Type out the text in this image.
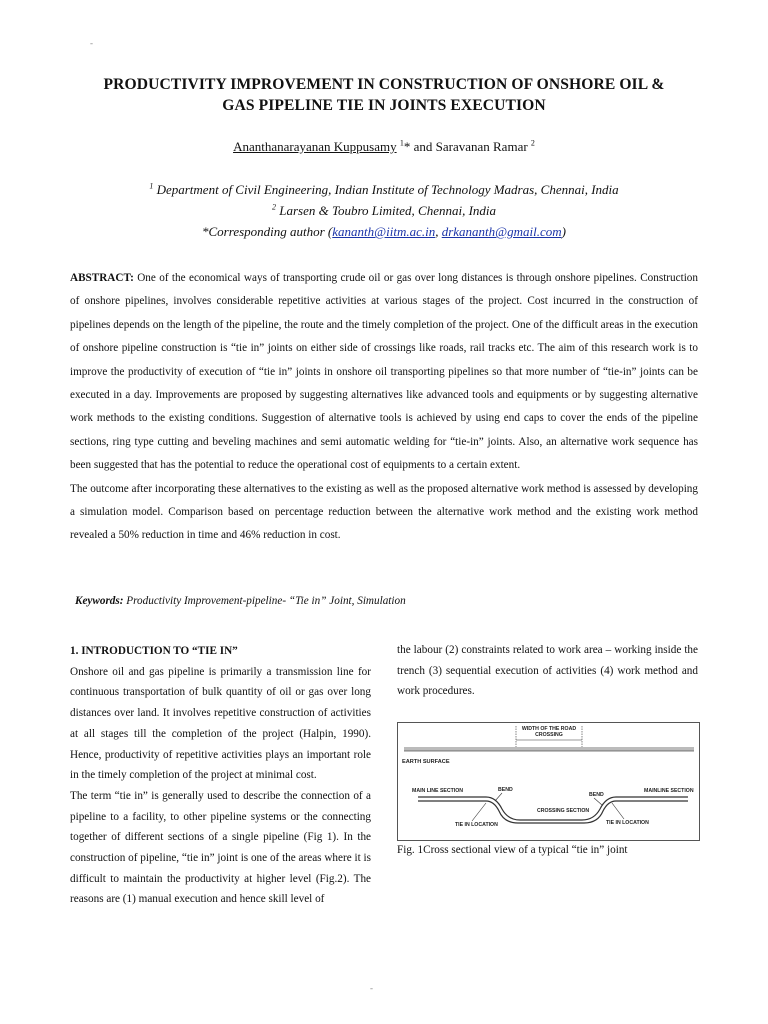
-
PRODUCTIVITY IMPROVEMENT IN CONSTRUCTION OF ONSHORE OIL &
GAS PIPELINE TIE IN JOINTS EXECUTION
Ananthanarayanan Kuppusamy $^1$* and Saravanan Ramar $^2$
$^1$ Department of Civil Engineering, Indian Institute of Technology Madras, Chennai, India
$^2$ Larsen & Toubro Limited, Chennai, India
*Corresponding author (kananth@iitm.ac.in, drkananth@gmail.com)

ABSTRACT: One of the economical ways of transporting crude oil or gas over long distances is through onshore pipelines. Construction of onshore pipelines, involves considerable repetitive activities at various stages of the project. Cost incurred in the construction of pipelines depends on the length of the pipeline, the route and the timely completion of the project. One of the difficult areas in the execution of onshore pipeline construction is “tie in” joints on either side of crossings like roads, rail tracks etc. The aim of this research work is to improve the productivity of execution of “tie in” joints in onshore oil transporting pipelines so that more number of “tie-in” joints can be executed in a day. Improvements are proposed by suggesting alternatives like advanced tools and equipments or by suggesting alternative work methods to the existing conditions. Suggestion of alternative tools is achieved by using end caps to cover the ends of the pipeline sections, ring type cutting and beveling machines and semi automatic welding for “tie-in” joints. Also, an alternative work sequence has been suggested that has the potential to reduce the operational cost of equipments to a certain extent.

The outcome after incorporating these alternatives to the existing as well as the proposed alternative work method is assessed by developing a simulation model. Comparison based on percentage reduction between the alternative work method and the existing work method revealed a 50% reduction in time and 46% reduction in cost.

Keywords: Productivity Improvement-pipeline- “Tie in” Joint, Simulation

1. INTRODUCTION TO “TIE IN”

Onshore oil and gas pipeline is primarily a transmission line for continuous transportation of bulk quantity of oil or gas over long distances over land. It involves repetitive construction of activities at all stages till the completion of the project (Halpin, 1990). Hence, productivity of repetitive activities plays an important role in the timely completion of the project at minimal cost.

The term “tie in” is generally used to describe the connection of a pipeline to a facility, to other pipeline systems or the connecting together of different sections of a single pipeline (Fig 1). In the construction of pipeline, “tie in” joint is one of the areas where it is difficult to maintain the productivity at higher level (Fig.2). The reasons are (1) manual execution and hence skill level of

the labour (2) constraints related to work area – working inside the trench (3) sequential execution of activities (4) work method and work procedures.

WIDTH OF THE ROAD
CROSSING
EARTH SURFACE
MAIN LINE SECTION	MAINLINE SECTION
BEND
BEND
CROSSING SECTION
TIE IN LOCATION	TIE IN LOCATION
Fig. 1Cross sectional view of a typical “tie in” joint
-
